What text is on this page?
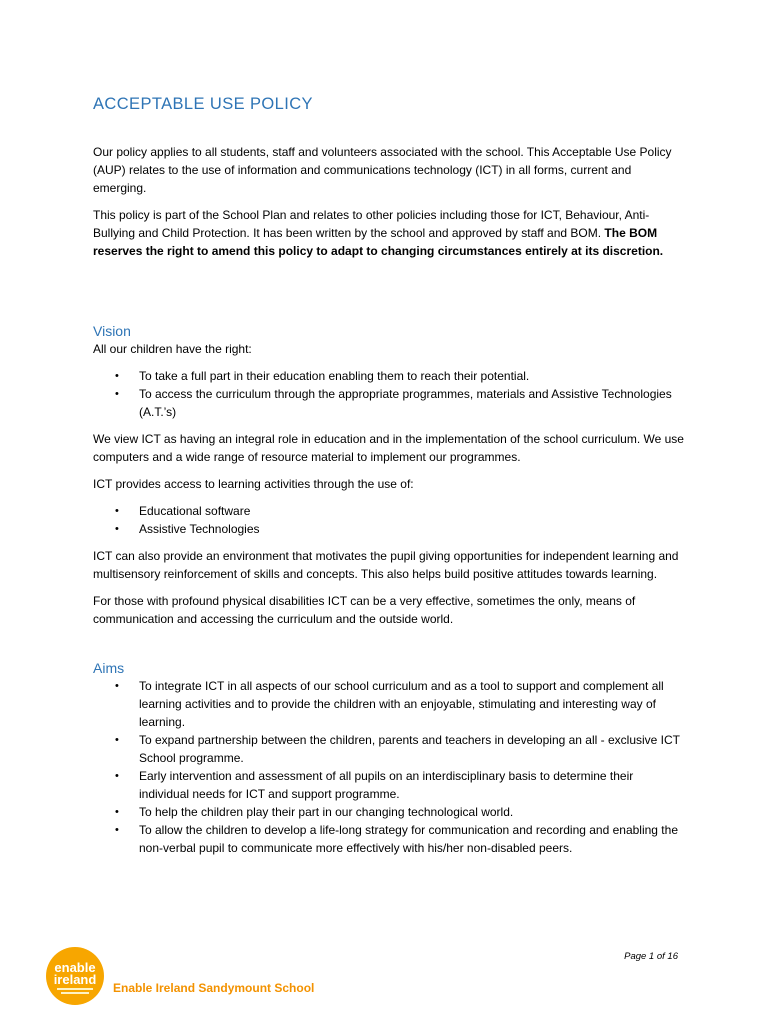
ACCEPTABLE USE POLICY

Our policy applies to all students, staff and volunteers associated with the school. This Acceptable Use Policy (AUP) relates to the use of information and communications technology (ICT) in all forms, current and emerging.

This policy is part of the School Plan and relates to other policies including those for ICT, Behaviour, Anti-Bullying and Child Protection. It has been written by the school and approved by staff and BOM. The BOM reserves the right to amend this policy to adapt to changing circumstances entirely at its discretion.

Vision

All our children have the right:

• To take a full part in their education enabling them to reach their potential.
• To access the curriculum through the appropriate programmes, materials and Assistive Technologies (A.T.’s)

We view ICT as having an integral role in education and in the implementation of the school curriculum. We use computers and a wide range of resource material to implement our programmes.

ICT provides access to learning activities through the use of:

• Educational software
• Assistive Technologies

ICT can also provide an environment that motivates the pupil giving opportunities for independent learning and multisensory reinforcement of skills and concepts. This also helps build positive attitudes towards learning.

For those with profound physical disabilities ICT can be a very effective, sometimes the only, means of communication and accessing the curriculum and the outside world.

Aims
• To integrate ICT in all aspects of our school curriculum and as a tool to support and complement all learning activities and to provide the children with an enjoyable, stimulating and interesting way of learning.
• To expand partnership between the children, parents and teachers in developing an all - exclusive ICT School programme.
• Early intervention and assessment of all pupils on an interdisciplinary basis to determine their individual needs for ICT and support programme.
• To help the children play their part in our changing technological world.
• To allow the children to develop a life-long strategy for communication and recording and enabling the non-verbal pupil to communicate more effectively with his/her non-disabled peers.
Page 1 of 16
enable
ireland
Enable Ireland Sandymount School
